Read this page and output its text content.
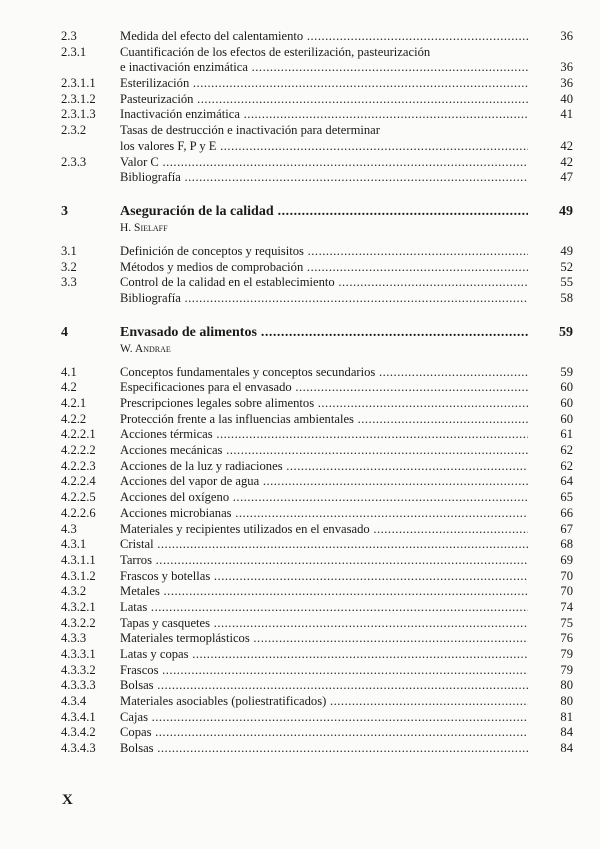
2.3	Medida del efecto del calentamiento .....	36
2.3.1	Cuantificación de los efectos de esterilización, pasteurización
e inactivación enzimática .....	36
2.3.1.1 Esterilización .....	36
2.3.1.2 Pasteurización .....	40
2.3.1.3 Inactivación enzimática .....	41
2.3.2	Tasas de destrucción e inactivación para determinar
los valores F, P y E .....	42
2.3.3	Valor C .....	42
Bibliografía .....	47
3	Aseguración de la calidad .....	49
H. Sielaff
3.1	Definición de conceptos y requisitos .....	49
3.2	Métodos y medios de comprobación .....	52
3.3	Control de la calidad en el establecimiento .....	55
Bibliografía .....	58
4	Envasado de alimentos .....	59
W. Andrae
4.1	Conceptos fundamentales y conceptos secundarios .....	59
4.2	Especificaciones para el envasado .....	60
4.2.1	Prescripciones legales sobre alimentos .....	60
4.2.2	Protección frente a las influencias ambientales .....	60
4.2.2.1 Acciones térmicas .....	61
4.2.2.2 Acciones mecánicas .....	62
4.2.2.3 Acciones de la luz y radiaciones .....	62
4.2.2.4 Acciones del vapor de agua .....	64
4.2.2.5 Acciones del oxígeno .....	65
4.2.2.6 Acciones microbianas .....	66
4.3	Materiales y recipientes utilizados en el envasado .....	67
4.3.1	Cristal .....	68
4.3.1.1 Tarros .....	69
4.3.1.2 Frascos y botellas .....	70
4.3.2	Metales .....	70
4.3.2.1 Latas .....	74
4.3.2.2 Tapas y casquetes .....	75
4.3.3	Materiales termoplásticos .....	76
4.3.3.1 Latas y copas .....	79
4.3.3.2 Frascos .....	79
4.3.3.3 Bolsas .....	80
4.3.4	Materiales asociables (poliestratificados) .....	80
4.3.4.1 Cajas .....	81
4.3.4.2 Copas .....	84
4.3.4.3 Bolsas .....	84
X
